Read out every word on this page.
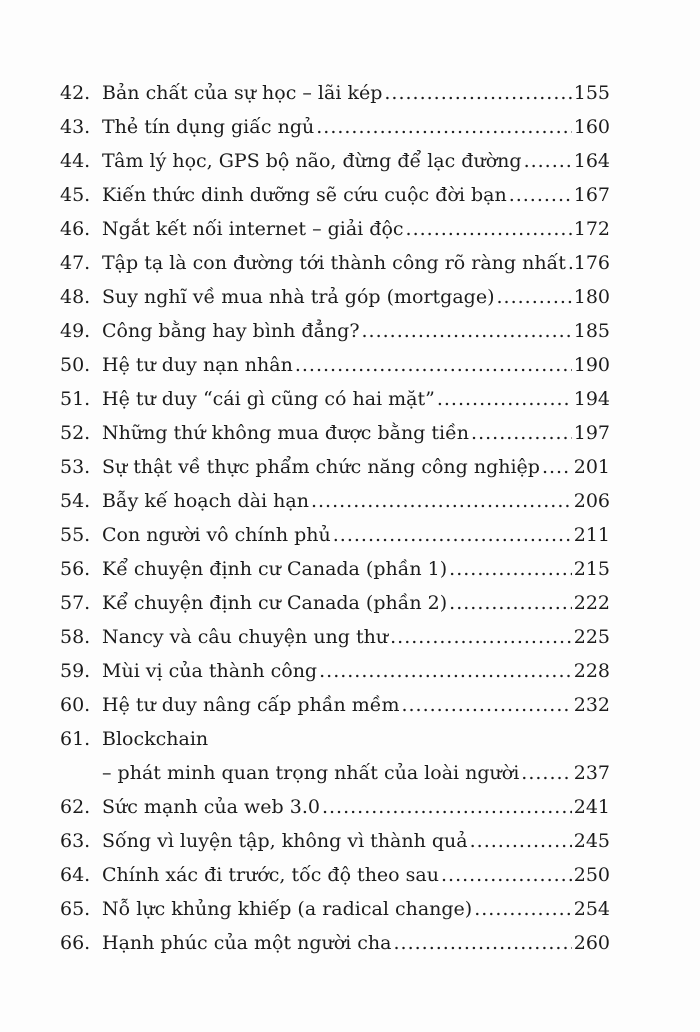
42. Bản chất của sự học – lãi kép .....	155
43. Thẻ tín dụng giấc ngủ .....	160
44. Tâm lý học, GPS bộ não, đừng để lạc đường .....	164
45. Kiến thức dinh dưỡng sẽ cứu cuộc đời bạn .....	167
46. Ngắt kết nối internet – giải độc .....	172
47. Tập tạ là con đường tới thành công rõ ràng nhất ..... 176
48. Suy nghĩ về mua nhà trả góp (mortgage) .....	180
49. Công bằng hay bình đẳng? .....	185
50. Hệ tư duy nạn nhân .....	190
51. Hệ tư duy “cái gì cũng có hai mặt” .....	194
52. Những thứ không mua được bằng tiền .....	197
53. Sự thật về thực phẩm chức năng công nghiệp ..... 201
54. Bẫy kế hoạch dài hạn .....	206
55. Con người vô chính phủ .....	211
56. Kể chuyện định cư Canada (phần 1) .....	215
57. Kể chuyện định cư Canada (phần 2) .....	222
58. Nancy và câu chuyện ung thư .....	225
59. Mùi vị của thành công .....	228
60. Hệ tư duy nâng cấp phần mềm .....	232
61. Blockchain
– phát minh quan trọng nhất của loài người .....	237
62. Sức mạnh của web 3.0 .....	241
63. Sống vì luyện tập, không vì thành quả .....	245
64. Chính xác đi trước, tốc độ theo sau .....	250
65. Nỗ lực khủng khiếp (a radical change) .....	254
66. Hạnh phúc của một người cha .....	260
